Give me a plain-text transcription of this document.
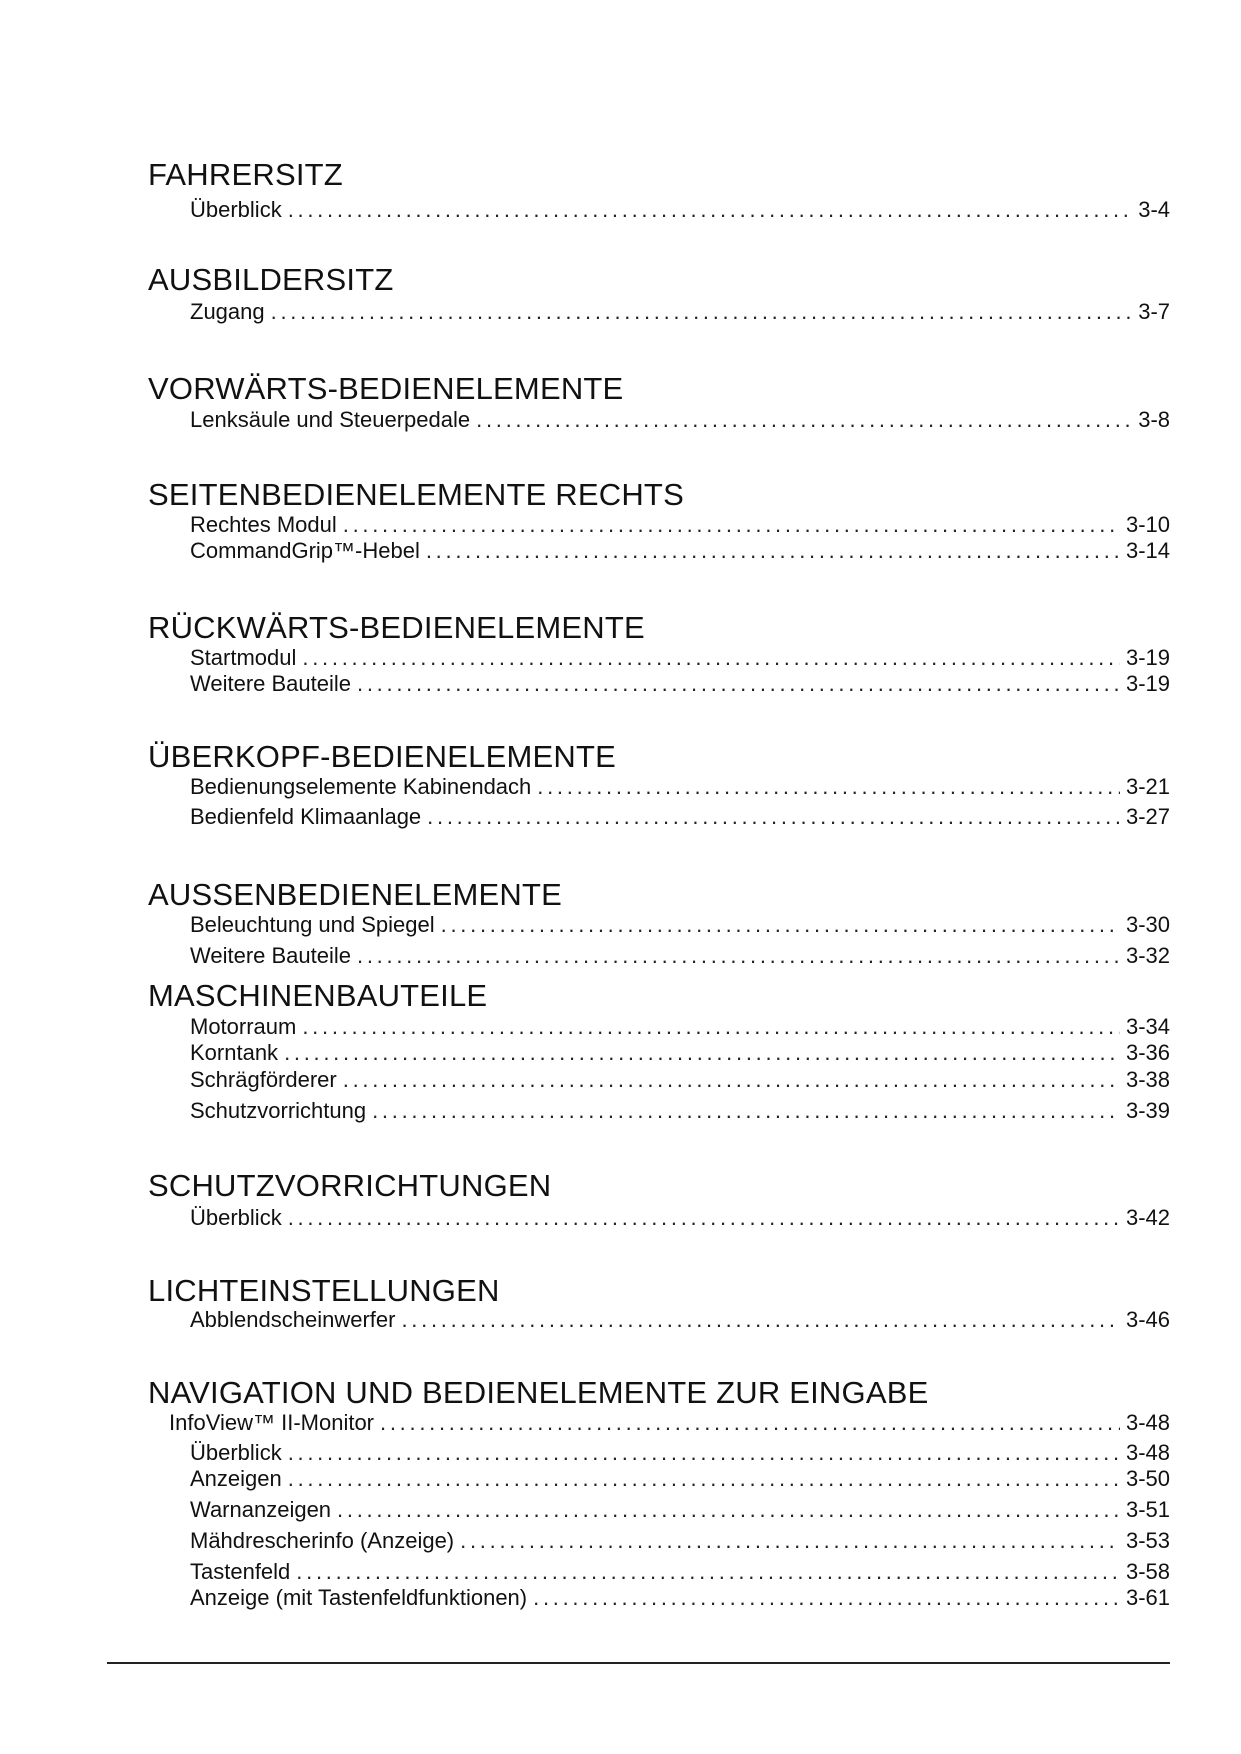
FAHRERSITZ
Überblick . . .	3-4
AUSBILDERSITZ
Zugang . . .	3-7
VORWÄRTS-BEDIENELEMENTE
Lenksäule und Steuerpedale . . .	3-8
SEITENBEDIENELEMENTE RECHTS
Rechtes Modul . . .	3-10
CommandGrip™-Hebel . . .	3-14
RÜCKWÄRTS-BEDIENELEMENTE
Startmodul . . .	3-19
Weitere Bauteile . . .	3-19
ÜBERKOPF-BEDIENELEMENTE
Bedienungselemente Kabinendach . . .	3-21
Bedienfeld Klimaanlage . . .	3-27
AUSSENBEDIENELEMENTE
Beleuchtung und Spiegel . . .	3-30
Weitere Bauteile . . .	3-32
MASCHINENBAUTEILE
Motorraum . . .	3-34
Korntank . . .	3-36
Schrägförderer . . .	3-38
Schutzvorrichtung . . .	3-39
SCHUTZVORRICHTUNGEN
Überblick . . .	3-42
LICHTEINSTELLUNGEN
Abblendscheinwerfer . . .	3-46
NAVIGATION UND BEDIENELEMENTE ZUR EINGABE
InfoView™ II-Monitor . . .	3-48
Überblick . . .	3-48
Anzeigen . . .	3-50
Warnanzeigen . . .	3-51
Mähdrescherinfo (Anzeige) . . .	3-53
Tastenfeld . . .	3-58
Anzeige (mit Tastenfeldfunktionen) . . .	3-61
